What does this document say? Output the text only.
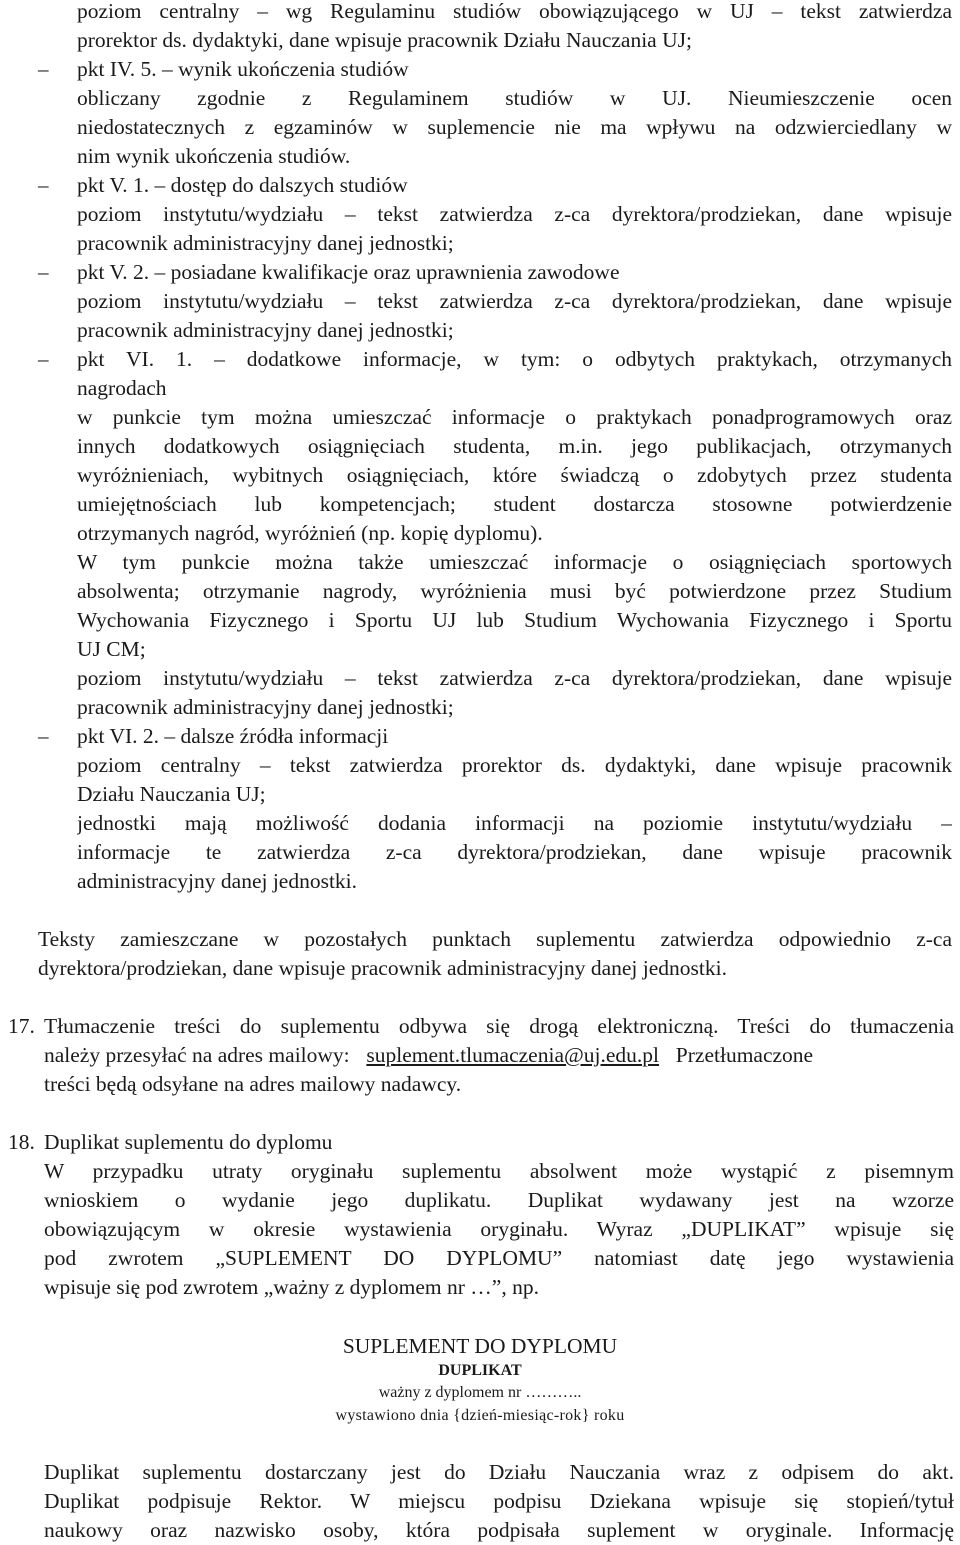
poziom centralny – wg Regulaminu studiów obowiązującego w UJ – tekst zatwierdza
prorektor ds. dydaktyki, dane wpisuje pracownik Działu Nauczania UJ;
– pkt IV. 5. – wynik ukończenia studiów
obliczany zgodnie z Regulaminem studiów w UJ. Nieumieszczenie ocen
niedostatecznych z egzaminów w suplemencie nie ma wpływu na odzwierciedlany w
nim wynik ukończenia studiów.
– pkt V. 1. – dostęp do dalszych studiów
poziom instytutu/wydziału – tekst zatwierdza z-ca dyrektora/prodziekan, dane wpisuje
pracownik administracyjny danej jednostki;
– pkt V. 2. – posiadane kwalifikacje oraz uprawnienia zawodowe
poziom instytutu/wydziału – tekst zatwierdza z-ca dyrektora/prodziekan, dane wpisuje
pracownik administracyjny danej jednostki;
– pkt VI. 1. – dodatkowe informacje, w tym: o odbytych praktykach, otrzymanych
nagrodach
w punkcie tym można umieszczać informacje o praktykach ponadprogramowych oraz
innych dodatkowych osiągnięciach studenta, m.in. jego publikacjach, otrzymanych
wyróżnieniach, wybitnych osiągnięciach, które świadczą o zdobytych przez studenta
umiejętnościach lub kompetencjach; student dostarcza stosowne potwierdzenie
otrzymanych nagród, wyróżnień (np. kopię dyplomu).
W tym punkcie można także umieszczać informacje o osiągnięciach sportowych
absolwenta; otrzymanie nagrody, wyróżnienia musi być potwierdzone przez Studium
Wychowania Fizycznego i Sportu UJ lub Studium Wychowania Fizycznego i Sportu
UJ CM;
poziom instytutu/wydziału – tekst zatwierdza z-ca dyrektora/prodziekan, dane wpisuje
pracownik administracyjny danej jednostki;
– pkt VI. 2. – dalsze źródła informacji
poziom centralny – tekst zatwierdza prorektor ds. dydaktyki, dane wpisuje pracownik
Działu Nauczania UJ;
jednostki mają możliwość dodania informacji na poziomie instytutu/wydziału –
informacje te zatwierdza z-ca dyrektora/prodziekan, dane wpisuje pracownik
administracyjny danej jednostki.
Teksty zamieszczane w pozostałych punktach suplementu zatwierdza odpowiednio z-ca
dyrektora/prodziekan, dane wpisuje pracownik administracyjny danej jednostki.
17. Tłumaczenie treści do suplementu odbywa się drogą elektroniczną. Treści do tłumaczenia
należy przesyłać na adres mailowy: suplement.tlumaczenia@uj.edu.pl Przetłumaczone
treści będą odsyłane na adres mailowy nadawcy.
18. Duplikat suplementu do dyplomu
W przypadku utraty oryginału suplementu absolwent może wystąpić z pisemnym
wnioskiem o wydanie jego duplikatu. Duplikat wydawany jest na wzorze
obowiązującym w okresie wystawienia oryginału. Wyraz „DUPLIKAT” wpisuje się
pod zwrotem „SUPLEMENT DO DYPLOMU” natomiast datę jego wystawienia
wpisuje się pod zwrotem „ważny z dyplomem nr …”, np.
SUPLEMENT DO DYPLOMU
DUPLIKAT
ważny z dyplomem nr ………..
wystawiono dnia {dzień-miesiąc-rok} roku
Duplikat suplementu dostarczany jest do Działu Nauczania wraz z odpisem do akt.
Duplikat podpisuje Rektor. W miejscu podpisu Dziekana wpisuje się stopień/tytuł
naukowy oraz nazwisko osoby, która podpisała suplement w oryginale. Informację
